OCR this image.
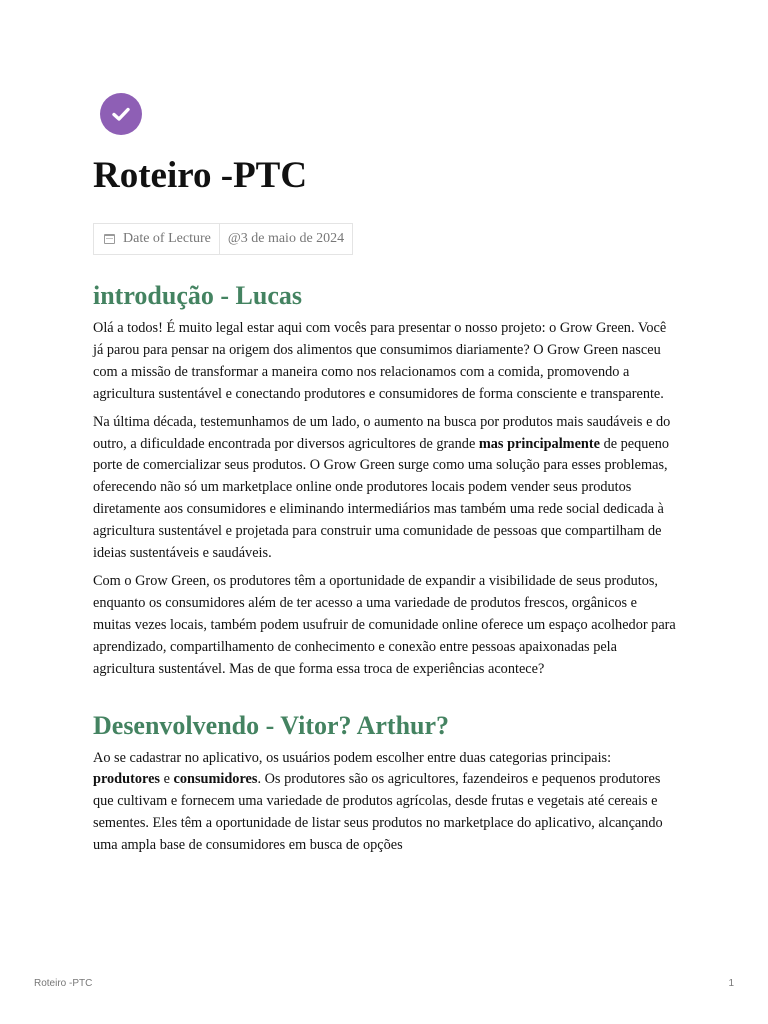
Roteiro -PTC
Date of Lecture @3 de maio de 2024
introdução - Lucas

Olá a todos! É muito legal estar aqui com vocês para presentar o nosso projeto: o Grow Green. Você já parou para pensar na origem dos alimentos que consumimos diariamente? O Grow Green nasceu com a missão de transformar a maneira como nos relacionamos com a comida, promovendo a agricultura sustentável e conectando produtores e consumidores de forma consciente e transparente.

Na última década, testemunhamos de um lado, o aumento na busca por produtos mais saudáveis e do outro, a dificuldade encontrada por diversos agricultores de grande mas principalmente de pequeno porte de comercializar seus produtos. O Grow Green surge como uma solução para esses problemas, oferecendo não só um marketplace online onde produtores locais podem vender seus produtos diretamente aos consumidores e eliminando intermediários mas também uma rede social dedicada à agricultura sustentável e projetada para construir uma comunidade de pessoas que compartilham de ideias sustentáveis e saudáveis.

Com o Grow Green, os produtores têm a oportunidade de expandir a visibilidade de seus produtos, enquanto os consumidores além de ter acesso a uma variedade de produtos frescos, orgânicos e muitas vezes locais, também podem usufruir de comunidade online oferece um espaço acolhedor para aprendizado, compartilhamento de conhecimento e conexão entre pessoas apaixonadas pela agricultura sustentável. Mas de que forma essa troca de experiências acontece?

Desenvolvendo - Vitor? Arthur?

Ao se cadastrar no aplicativo, os usuários podem escolher entre duas categorias principais: produtores e consumidores. Os produtores são os agricultores, fazendeiros e pequenos produtores que cultivam e fornecem uma variedade de produtos agrícolas, desde frutas e vegetais até cereais e sementes. Eles têm a oportunidade de listar seus produtos no marketplace do aplicativo, alcançando uma ampla base de consumidores em busca de opções

Roteiro -PTC	1
